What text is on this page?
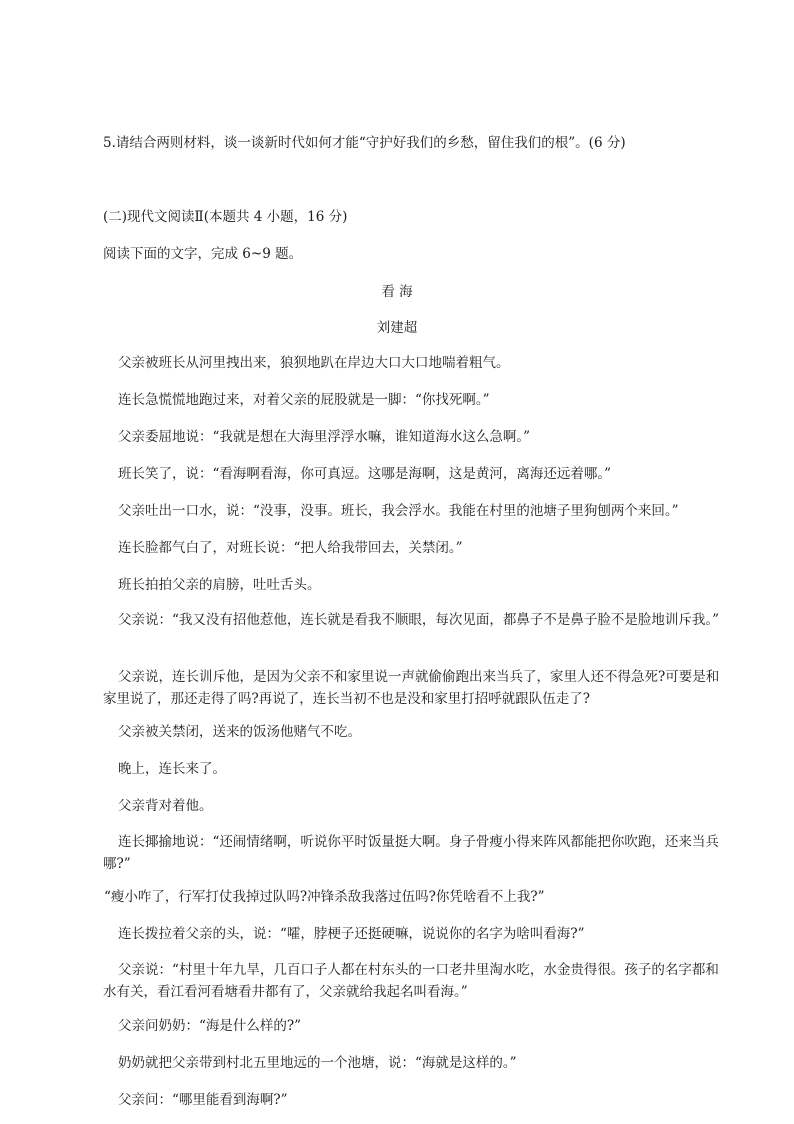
5.请结合两则材料，谈一谈新时代如何才能“守护好我们的乡愁，留住我们的根”。(6 分)
(二)现代文阅读Ⅱ(本题共 4 小题，16 分)
阅读下面的文字，完成 6~9 题。
看 海
刘建超
父亲被班长从河里拽出来，狼狈地趴在岸边大口大口地喘着粗气。
连长急慌慌地跑过来，对着父亲的屁股就是一脚：“你找死啊。”
父亲委屈地说：“我就是想在大海里浮浮水嘛，谁知道海水这么急啊。”
班长笑了，说：“看海啊看海，你可真逗。这哪是海啊，这是黄河，离海还远着哪。”
父亲吐出一口水，说：“没事，没事。班长，我会浮水。我能在村里的池塘子里狗刨两个来回。”
连长脸都气白了，对班长说：“把人给我带回去，关禁闭。”
班长拍拍父亲的肩膀，吐吐舌头。
父亲说：“我又没有招他惹他，连长就是看我不顺眼，每次见面，都鼻子不是鼻子脸不是脸地训斥我。”
父亲说，连长训斥他，是因为父亲不和家里说一声就偷偷跑出来当兵了，家里人还不得急死?可要是和家里说了，那还走得了吗?再说了，连长当初不也是没和家里打招呼就跟队伍走了?
父亲被关禁闭，送来的饭汤他赌气不吃。
晚上，连长来了。
父亲背对着他。
连长揶揄地说：“还闹情绪啊，听说你平时饭量挺大啊。身子骨瘦小得来阵风都能把你吹跑，还来当兵哪?”
“瘦小咋了，行军打仗我掉过队吗?冲锋杀敌我落过伍吗?你凭啥看不上我?”
连长拨拉着父亲的头，说：“嚯，脖梗子还挺硬嘛，说说你的名字为啥叫看海?”
父亲说：“村里十年九旱，几百口子人都在村东头的一口老井里淘水吃，水金贵得很。孩子的名字都和水有关，看江看河看塘看井都有了，父亲就给我起名叫看海。”
父亲问奶奶：“海是什么样的?”
奶奶就把父亲带到村北五里地远的一个池塘，说：“海就是这样的。”
父亲问：“哪里能看到海啊?”
